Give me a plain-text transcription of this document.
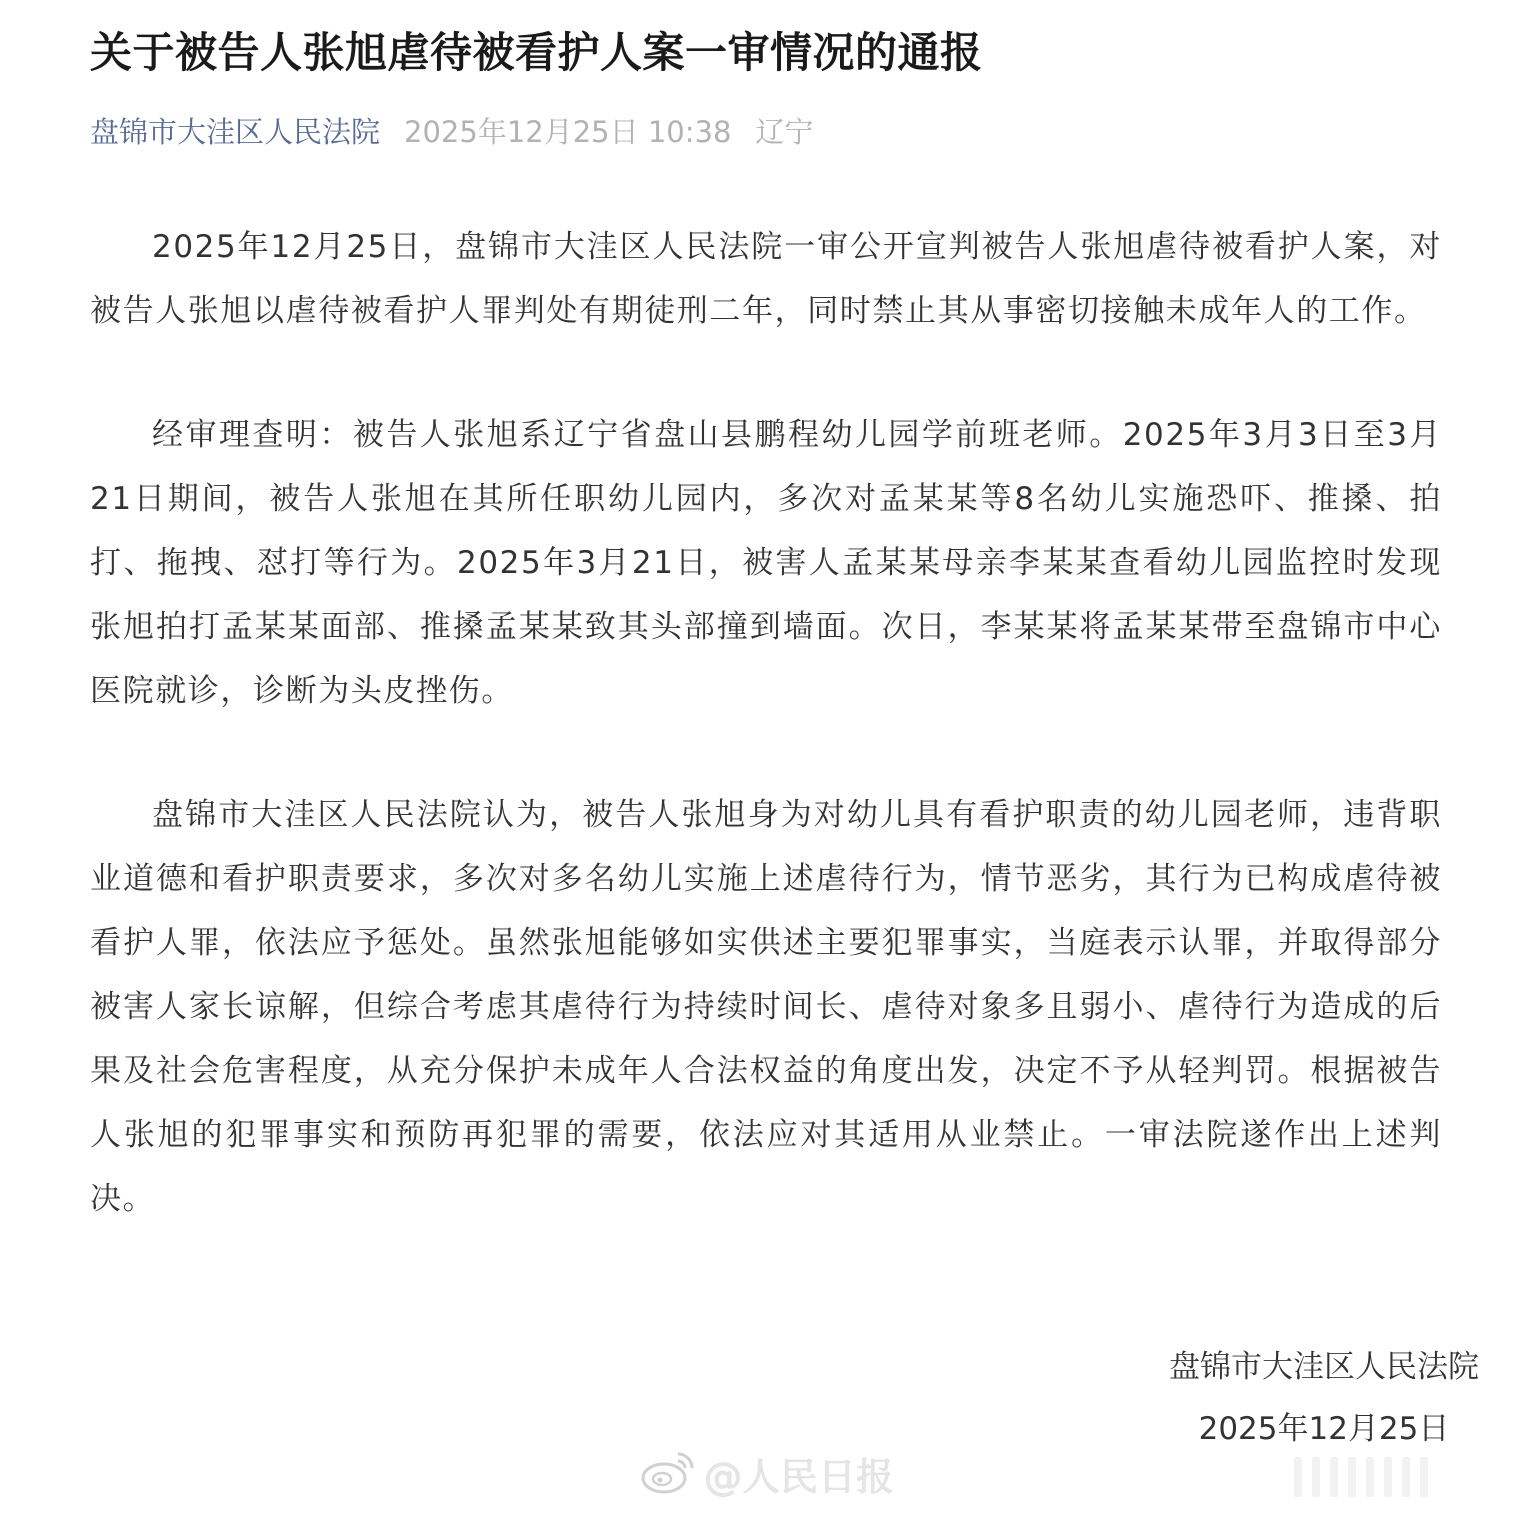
关于被告人张旭虐待被看护人案一审情况的通报
盘锦市大洼区人民法院 2025年12月25日 10:38 辽宁

2025年12月25日，盘锦市大洼区人民法院一审公开宣判被告人张旭虐待被看护人案，对被告人张旭以虐待被看护人罪判处有期徒刑二年，同时禁止其从事密切接触未成年人的工作。

经审理查明：被告人张旭系辽宁省盘山县鹏程幼儿园学前班老师。2025年3月3日至3月21日期间，被告人张旭在其所任职幼儿园内，多次对孟某某等8名幼儿实施恐吓、推搡、拍打、拖拽、怼打等行为。2025年3月21日，被害人孟某某母亲李某某查看幼儿园监控时发现张旭拍打孟某某面部、推搡孟某某致其头部撞到墙面。次日，李某某将孟某某带至盘锦市中心医院就诊，诊断为头皮挫伤。

盘锦市大洼区人民法院认为，被告人张旭身为对幼儿具有看护职责的幼儿园老师，违背职业道德和看护职责要求，多次对多名幼儿实施上述虐待行为，情节恶劣，其行为已构成虐待被看护人罪，依法应予惩处。虽然张旭能够如实供述主要犯罪事实，当庭表示认罪，并取得部分被害人家长谅解，但综合考虑其虐待行为持续时间长、虐待对象多且弱小、虐待行为造成的后果及社会危害程度，从充分保护未成年人合法权益的角度出发，决定不予从轻判罚。根据被告人张旭的犯罪事实和预防再犯罪的需要，依法应对其适用从业禁止。一审法院遂作出上述判决。

盘锦市大洼区人民法院
2025年12月25日
@人民日报
